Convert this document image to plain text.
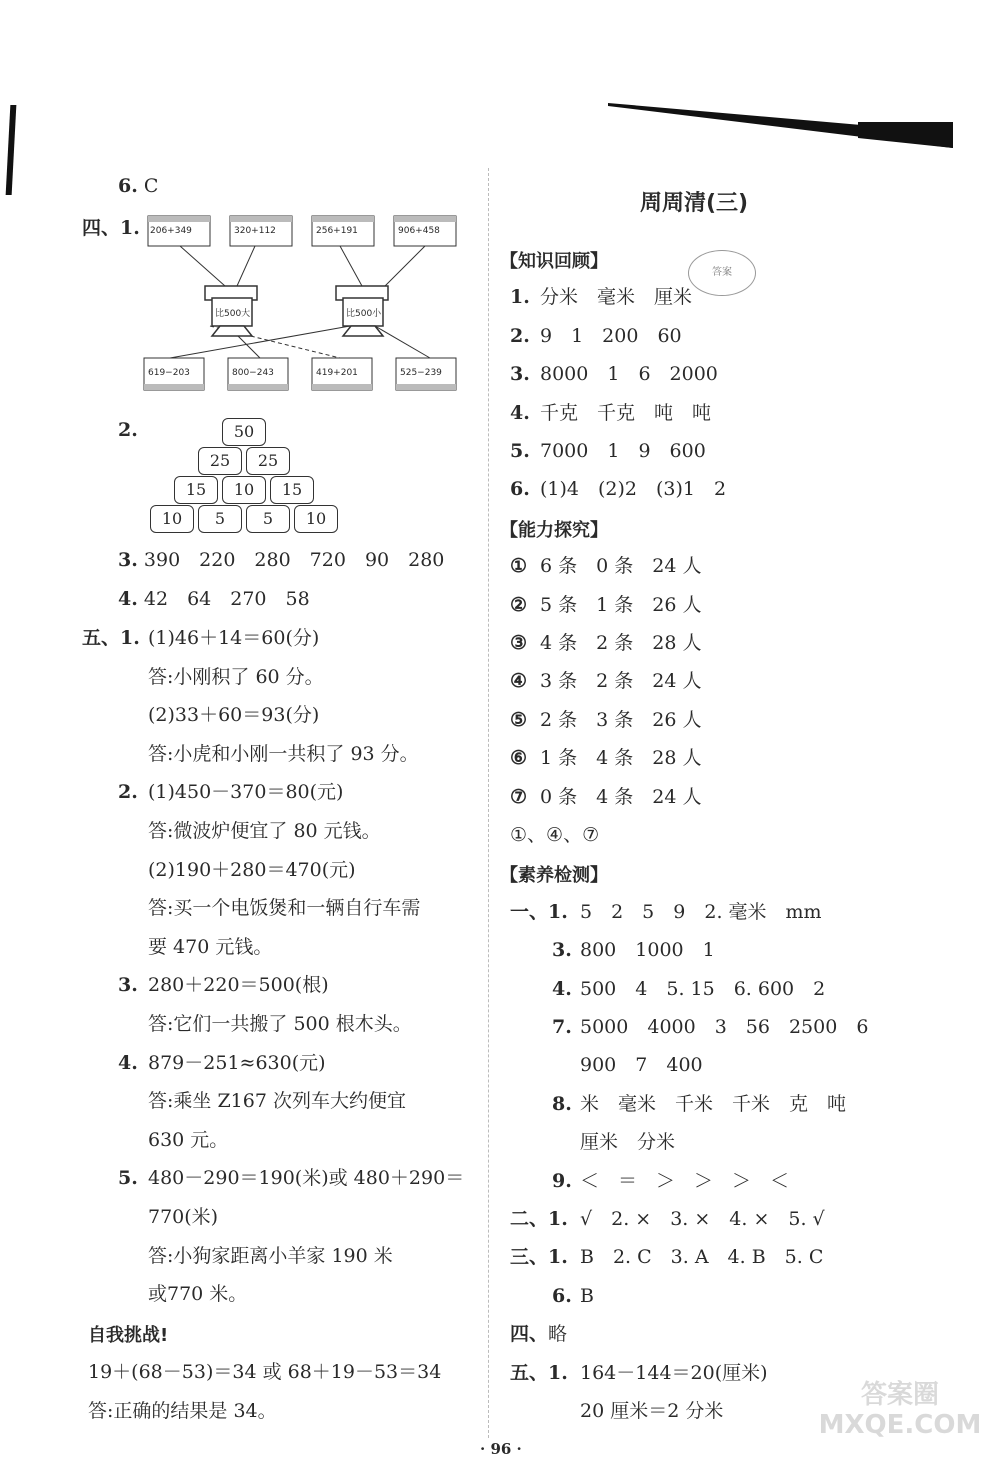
6. C
四、1. 206+349	320+112	256+191	906+458
比500大	比500小
619−203	800−243	419+201	525−239
2.	50
25	25
15	10	15
10	5	5	10
3. 390　220　280　720　90　280
4. 42　64　270　58
五、1. (1)46＋14＝60(分)
答:小刚积了 60 分。
(2)33＋60＝93(分)
答:小虎和小刚一共积了 93 分。
2. (1)450－370＝80(元)
答:微波炉便宜了 80 元钱。
(2)190＋280＝470(元)
答:买一个电饭煲和一辆自行车需
要 470 元钱。
3. 280＋220＝500(根)
答:它们一共搬了 500 根木头。
4. 879－251≈630(元)
答:乘坐 Z167 次列车大约便宜
630 元。
5. 480－290＝190(米)或 480＋290＝
770(米)
答:小狗家距离小羊家 190 米
或770 米。
自我挑战!
19＋(68－53)＝34 或 68＋19－53＝34
答:正确的结果是 34。
周周清(三)
答案
【知识回顾】
1. 分米　毫米　厘米
2. 9　1　200　60
3. 8000　1　6　2000
4. 千克　千克　吨　吨
5. 7000　1　9　600
6. (1)4　(2)2　(3)1　2
【能力探究】
① 6 条　0 条　24 人
② 5 条　1 条　26 人
③ 4 条　2 条　28 人
④ 3 条　2 条　24 人
⑤ 2 条　3 条　26 人
⑥ 1 条　4 条　28 人
⑦ 0 条　4 条　24 人
①、④、⑦
【素养检测】
一、1. 5　2　5　9　2. 毫米　mm
3. 800　1000　1
4. 500　4　5. 15　6. 600　2
7. 5000　4000　3　56　2500　6
900　7　400
8. 米　毫米　千米　千米　克　吨
厘米　分米
9. ＜　＝　＞　＞　＞　＜
二、1. √　2. ×　3. ×　4. ×　5. √
三、1. B　2. C　3. A　4. B　5. C
6. B
四、 略
五、1. 164－144＝20(厘米)
20 厘米＝2 分米
答案圈 MXQE.COM
· 96 ·
